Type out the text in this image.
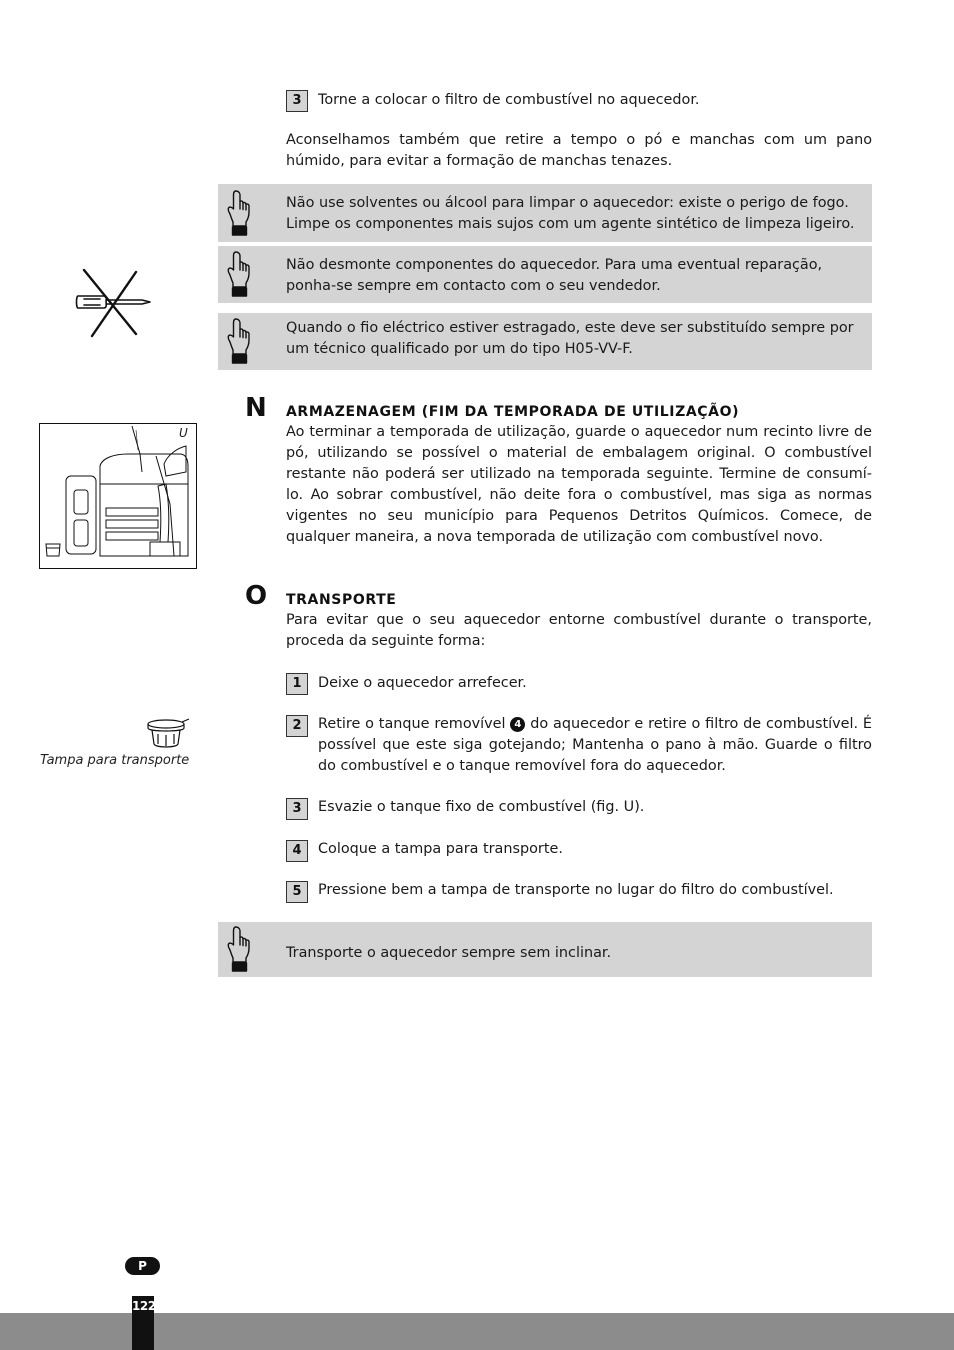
3	Torne a colocar o filtro de combustível no aquecedor.
Aconselhamos também que retire a tempo o pó e manchas com um pano húmido, para evitar a formação de manchas tenazes.
Não use solventes ou álcool para limpar o aquecedor: existe o perigo de fogo. Limpe os componentes mais sujos com um agente sintético de limpeza ligeiro.
Não desmonte componentes do aquecedor. Para uma eventual reparação, ponha-se sempre em contacto com o seu vendedor.
Quando o fio eléctrico estiver estragado, este deve ser substituído sempre por um técnico qualificado por um do tipo H05-VV-F.
N ARMAZENAGEM (FIM DA TEMPORADA DE UTILIZAÇÃO)
Ao terminar a temporada de utilização, guarde o aquecedor num recinto livre de pó, utilizando se possível o material de embalagem original. O combustível restante não poderá ser utilizado na temporada seguinte. Termine de consumí-lo. Ao sobrar combustível, não deite fora o combustível, mas siga as normas vigentes no seu município para Pequenos Detritos Químicos. Comece, de qualquer maneira, a nova temporada de utilização com combustível novo.
U
O TRANSPORTE
Para evitar que o seu aquecedor entorne combustível durante o transporte, proceda da seguinte forma:
1	Deixe o aquecedor arrefecer.
2	Retire o tanque removível 4 do aquecedor e retire o filtro de combustível. É possível que este siga gotejando; Mantenha o pano à mão. Guarde o filtro do combustível e o tanque removível fora do aquecedor.
3	Esvazie o tanque fixo de combustível (fig. U).
4	Coloque a tampa para transporte.
5	Pressione bem a tampa de transporte no lugar do filtro do combustível.
Tampa para transporte
Transporte o aquecedor sempre sem inclinar.
P
122
